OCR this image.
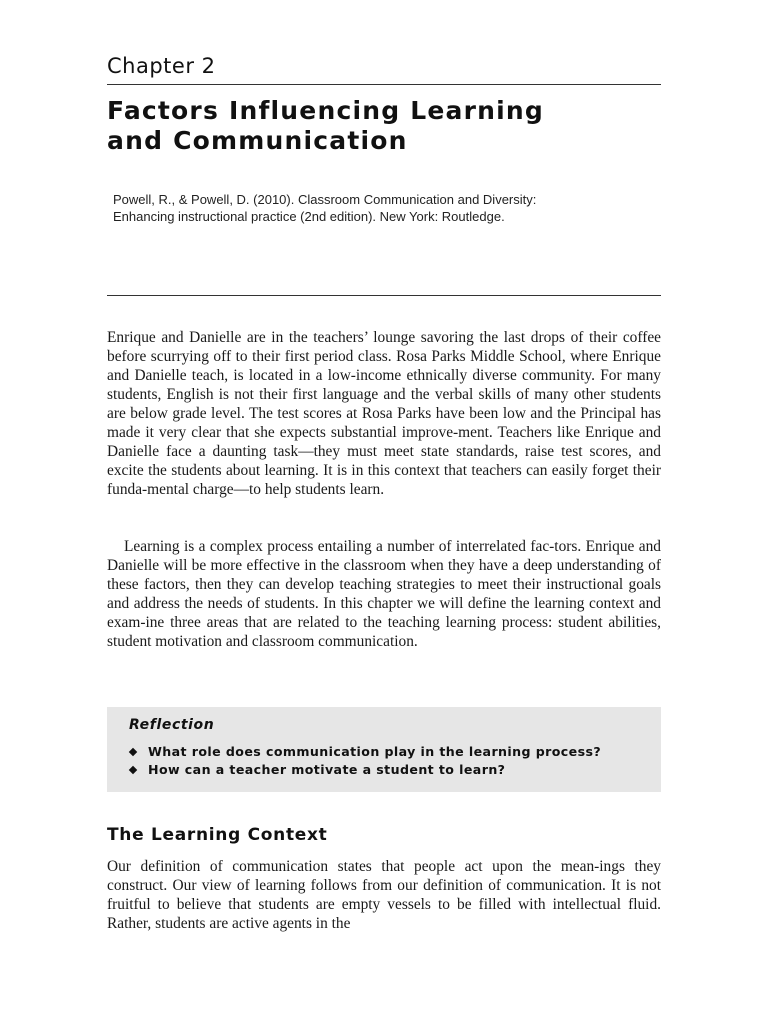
Chapter 2
Factors Influencing Learning
and Communication
Powell, R., & Powell, D. (2010). Classroom Communication and Diversity:
Enhancing instructional practice (2nd edition). New York: Routledge.

Enrique and Danielle are in the teachers’ lounge savoring the last drops of their coffee before scurrying off to their first period class. Rosa Parks Middle School, where Enrique and Danielle teach, is located in a low-income ethnically diverse community. For many students, English is not their first language and the verbal skills of many other students are below grade level. The test scores at Rosa Parks have been low and the Principal has made it very clear that she expects substantial improve-ment. Teachers like Enrique and Danielle face a daunting task—they must meet state standards, raise test scores, and excite the students about learning. It is in this context that teachers can easily forget their funda-mental charge—to help students learn.

Learning is a complex process entailing a number of interrelated fac-tors. Enrique and Danielle will be more effective in the classroom when they have a deep understanding of these factors, then they can develop teaching strategies to meet their instructional goals and address the needs of students. In this chapter we will define the learning context and exam-ine three areas that are related to the teaching learning process: student abilities, student motivation and classroom communication.

Reflection
What role does communication play in the learning process?
How can a teacher motivate a student to learn?
The Learning Context

Our definition of communication states that people act upon the mean-ings they construct. Our view of learning follows from our definition of communication. It is not fruitful to believe that students are empty vessels to be filled with intellectual fluid. Rather, students are active agents in the
